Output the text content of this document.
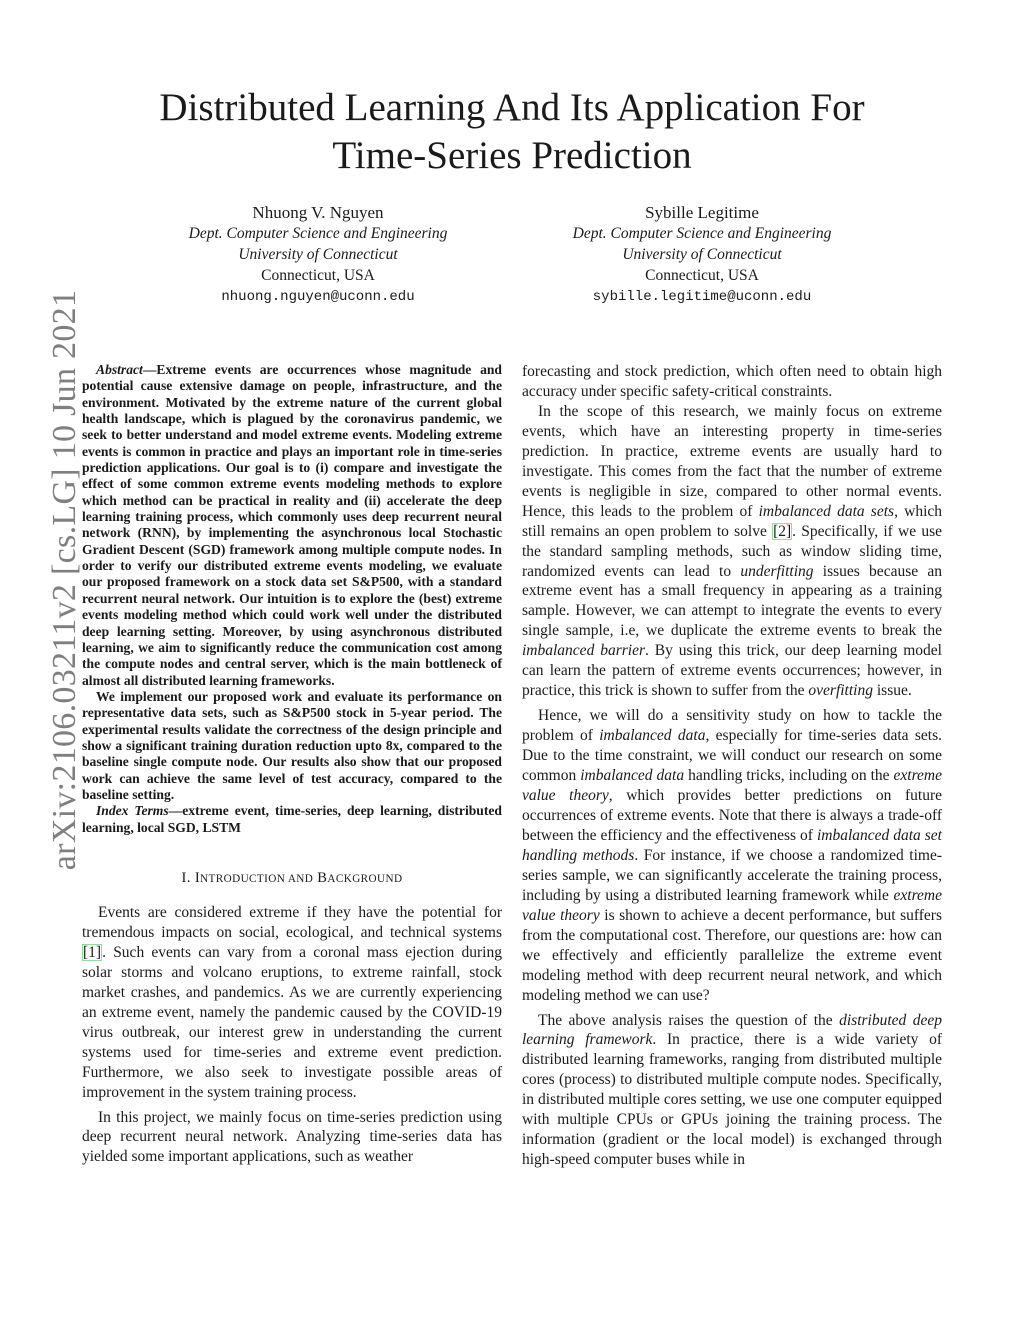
Distributed Learning And Its Application For
Time-Series Prediction
Nhuong V. Nguyen
Dept. Computer Science and Engineering
University of Connecticut
Connecticut, USA
nhuong.nguyen@uconn.edu
Sybille Legitime
Dept. Computer Science and Engineering
University of Connecticut
Connecticut, USA
sybille.legitime@uconn.edu
arXiv:2106.03211v2 [cs.LG] 10 Jun 2021 Abstract—Extreme events are occurrences whose magnitude and potential cause extensive damage on people, infrastructure, and the environment. Motivated by the extreme nature of the current global health landscape, which is plagued by the coronavirus pandemic, we seek to better understand and model extreme events. Modeling extreme events is common in practice and plays an important role in time-series prediction applications. Our goal is to (i) compare and investigate the effect of some common extreme events modeling methods to explore which method can be practical in reality and (ii) accelerate the deep learning training process, which commonly uses deep recurrent neural network (RNN), by implementing the asynchronous local Stochastic Gradient Descent (SGD) framework among multiple compute nodes. In order to verify our distributed extreme events modeling, we evaluate our proposed framework on a stock data set S&P500, with a standard recurrent neural network. Our intuition is to explore the (best) extreme events modeling method which could work well under the distributed deep learning setting. Moreover, by using asynchronous distributed learning, we aim to significantly reduce the communication cost among the compute nodes and central server, which is the main bottleneck of almost all distributed learning frameworks.

We implement our proposed work and evaluate its performance on representative data sets, such as S&P500 stock in 5-year period. The experimental results validate the correctness of the design principle and show a significant training duration reduction upto 8x, compared to the baseline single compute node. Our results also show that our proposed work can achieve the same level of test accuracy, compared to the baseline setting.

Index Terms—extreme event, time-series, deep learning, distributed learning, local SGD, LSTM

I. INTRODUCTION AND BACKGROUND

Events are considered extreme if they have the potential for tremendous impacts on social, ecological, and technical systems [1]. Such events can vary from a coronal mass ejection during solar storms and volcano eruptions, to extreme rainfall, stock market crashes, and pandemics. As we are currently experiencing an extreme event, namely the pandemic caused by the COVID-19 virus outbreak, our interest grew in understanding the current systems used for time-series and extreme event prediction. Furthermore, we also seek to investigate possible areas of improvement in the system training process.

In this project, we mainly focus on time-series prediction using deep recurrent neural network. Analyzing time-series data has yielded some important applications, such as weather

forecasting and stock prediction, which often need to obtain high accuracy under specific safety-critical constraints.

In the scope of this research, we mainly focus on extreme events, which have an interesting property in time-series prediction. In practice, extreme events are usually hard to investigate. This comes from the fact that the number of extreme events is negligible in size, compared to other normal events. Hence, this leads to the problem of imbalanced data sets, which still remains an open problem to solve [2]. Specifically, if we use the standard sampling methods, such as window sliding time, randomized events can lead to underfitting issues because an extreme event has a small frequency in appearing as a training sample. However, we can attempt to integrate the events to every single sample, i.e, we duplicate the extreme events to break the imbalanced barrier. By using this trick, our deep learning model can learn the pattern of extreme events occurrences; however, in practice, this trick is shown to suffer from the overfitting issue.

Hence, we will do a sensitivity study on how to tackle the problem of imbalanced data, especially for time-series data sets. Due to the time constraint, we will conduct our research on some common imbalanced data handling tricks, including on the extreme value theory, which provides better predictions on future occurrences of extreme events. Note that there is always a trade-off between the efficiency and the effectiveness of imbalanced data set handling methods. For instance, if we choose a randomized time-series sample, we can significantly accelerate the training process, including by using a distributed learning framework while extreme value theory is shown to achieve a decent performance, but suffers from the computational cost. Therefore, our questions are: how can we effectively and efficiently parallelize the extreme event modeling method with deep recurrent neural network, and which modeling method we can use?

The above analysis raises the question of the distributed deep learning framework. In practice, there is a wide variety of distributed learning frameworks, ranging from distributed multiple cores (process) to distributed multiple compute nodes. Specifically, in distributed multiple cores setting, we use one computer equipped with multiple CPUs or GPUs joining the training process. The information (gradient or the local model) is exchanged through high-speed computer buses while in
